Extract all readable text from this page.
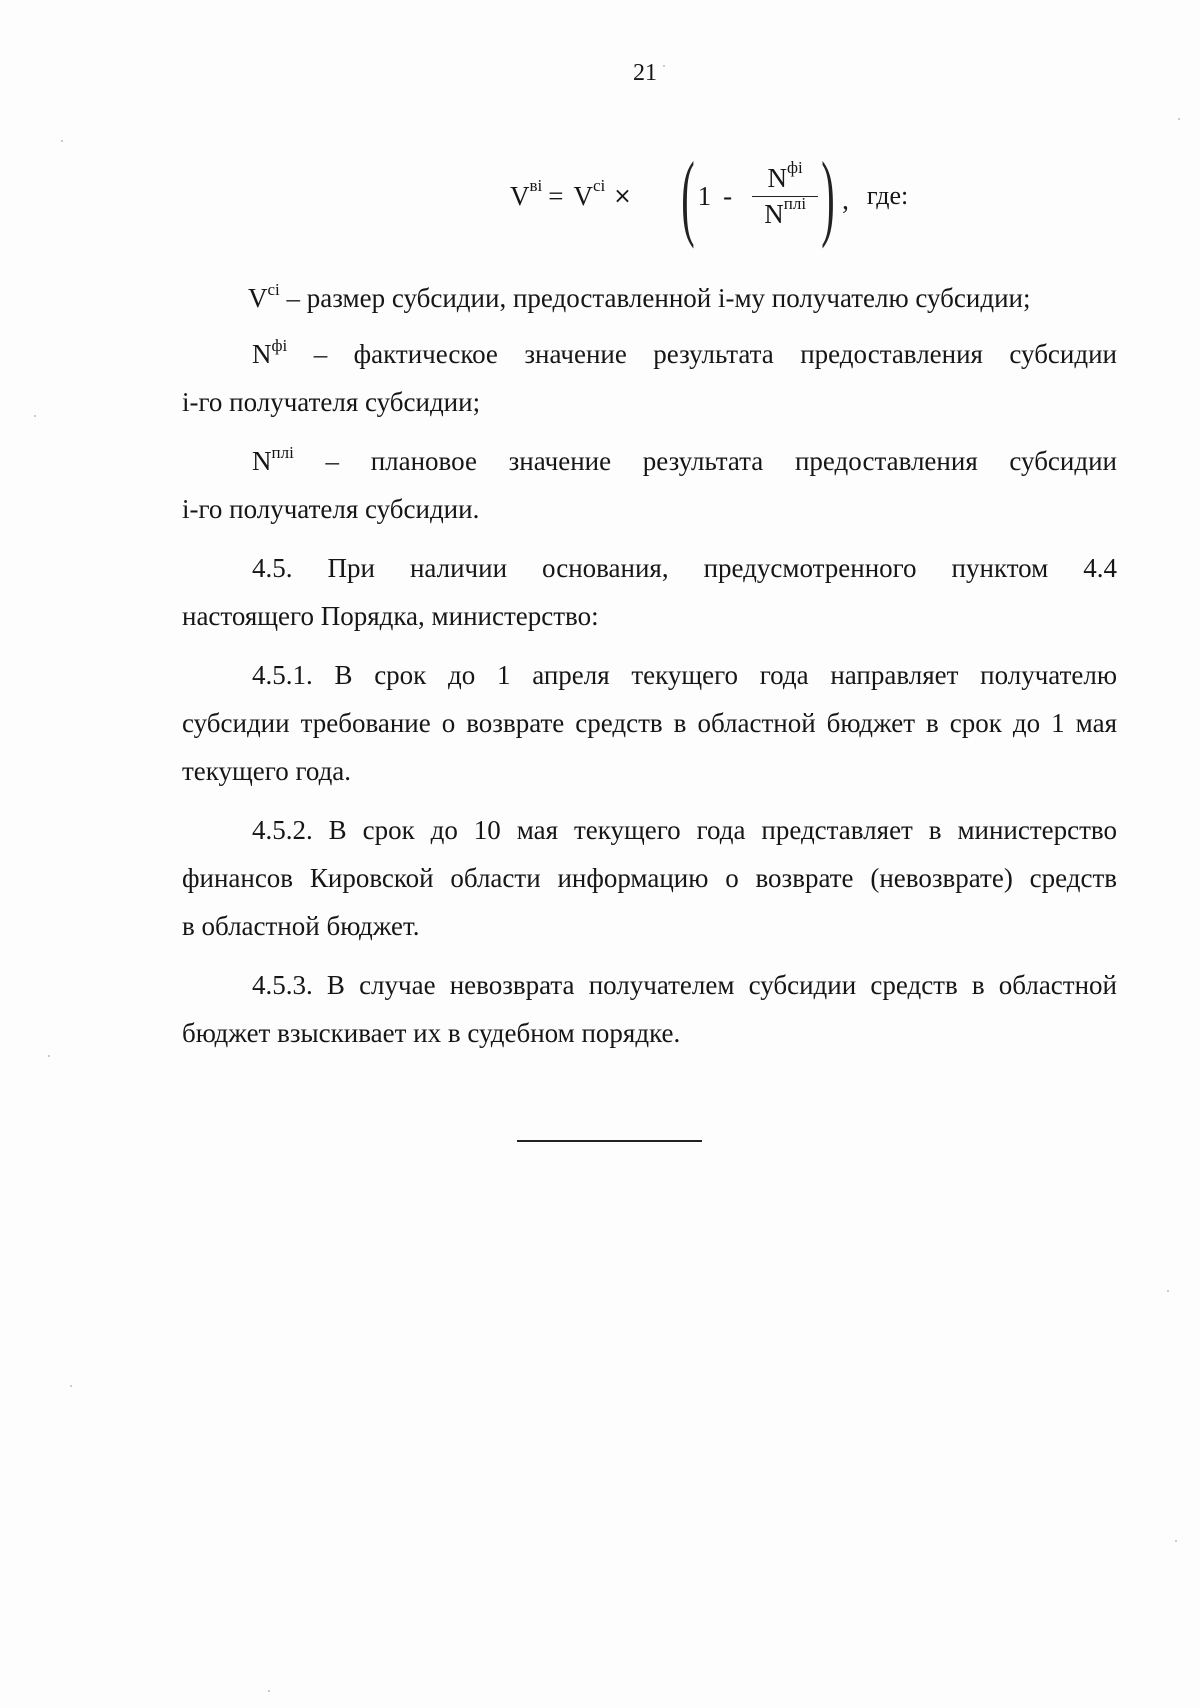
21
$V^{вi} = V^{ci}$ × ( $1 - \frac{N^{фi}}{N^{плi}}$ ) , где:

$V^{ci}$ – размер субсидии, предоставленной i-му получателю субсидии;

$N^{фi}$ – фактическое значение результата предоставления субсидии
i-го получателя субсидии;

$N^{плi}$ – плановое значение результата предоставления субсидии
i-го получателя субсидии.

4.5. При наличии основания, предусмотренного пунктом 4.4
настоящего Порядка, министерство:

4.5.1. В срок до 1 апреля текущего года направляет получателю
субсидии требование о возврате средств в областной бюджет в срок до 1 мая
текущего года.

4.5.2. В срок до 10 мая текущего года представляет в министерство
финансов Кировской области информацию о возврате (невозврате) средств
в областной бюджет.

4.5.3. В случае невозврата получателем субсидии средств в областной
бюджет взыскивает их в судебном порядке.
